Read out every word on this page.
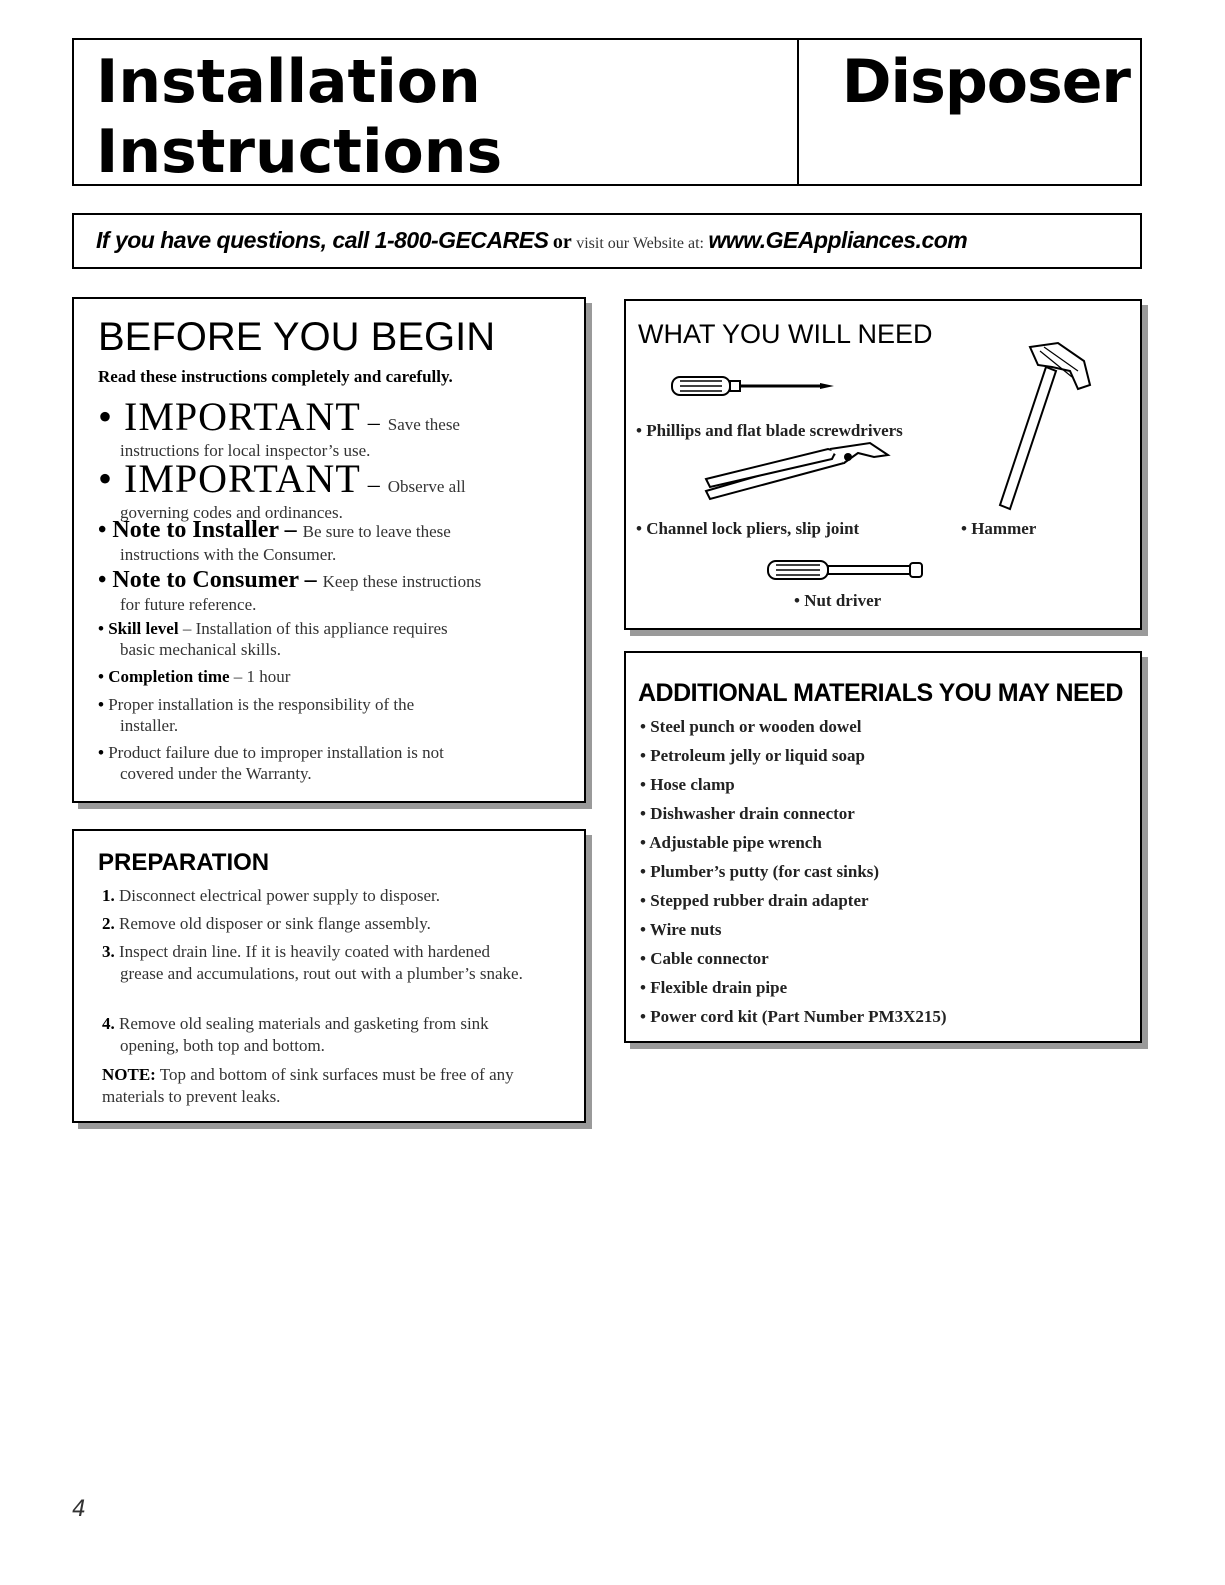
Installation
Instructions
Disposer
If you have questions, call 1-800-GECARES or visit our Website at: www.GEAppliances.com
BEFORE YOU BEGIN
Read these instructions completely and carefully.
• IMPORTANT – Save these
instructions for local inspector’s use.
• IMPORTANT – Observe all
governing codes and ordinances.
• Note to Installer – Be sure to leave these
instructions with the Consumer.
• Note to Consumer – Keep these instructions
for future reference.
• Skill level – Installation of this appliance requires
basic mechanical skills.
• Completion time – 1 hour
• Proper installation is the responsibility of the
installer.
• Product failure due to improper installation is not
covered under the Warranty.
PREPARATION
1. Disconnect electrical power supply to disposer.
2. Remove old disposer or sink flange assembly.
3. Inspect drain line. If it is heavily coated with hardened
grease and accumulations, rout out with a plumber’s snake.
4. Remove old sealing materials and gasketing from sink
opening, both top and bottom.
NOTE: Top and bottom of sink surfaces must be free of any materials to prevent leaks.
WHAT YOU WILL NEED
• Phillips and flat blade screwdrivers
• Channel lock pliers, slip joint	• Hammer
• Nut driver
ADDITIONAL MATERIALS YOU MAY NEED
• Steel punch or wooden dowel
• Petroleum jelly or liquid soap
• Hose clamp
• Dishwasher drain connector
• Adjustable pipe wrench
• Plumber’s putty (for cast sinks)
• Stepped rubber drain adapter
• Wire nuts
• Cable connector
• Flexible drain pipe
• Power cord kit (Part Number PM3X215)
4
